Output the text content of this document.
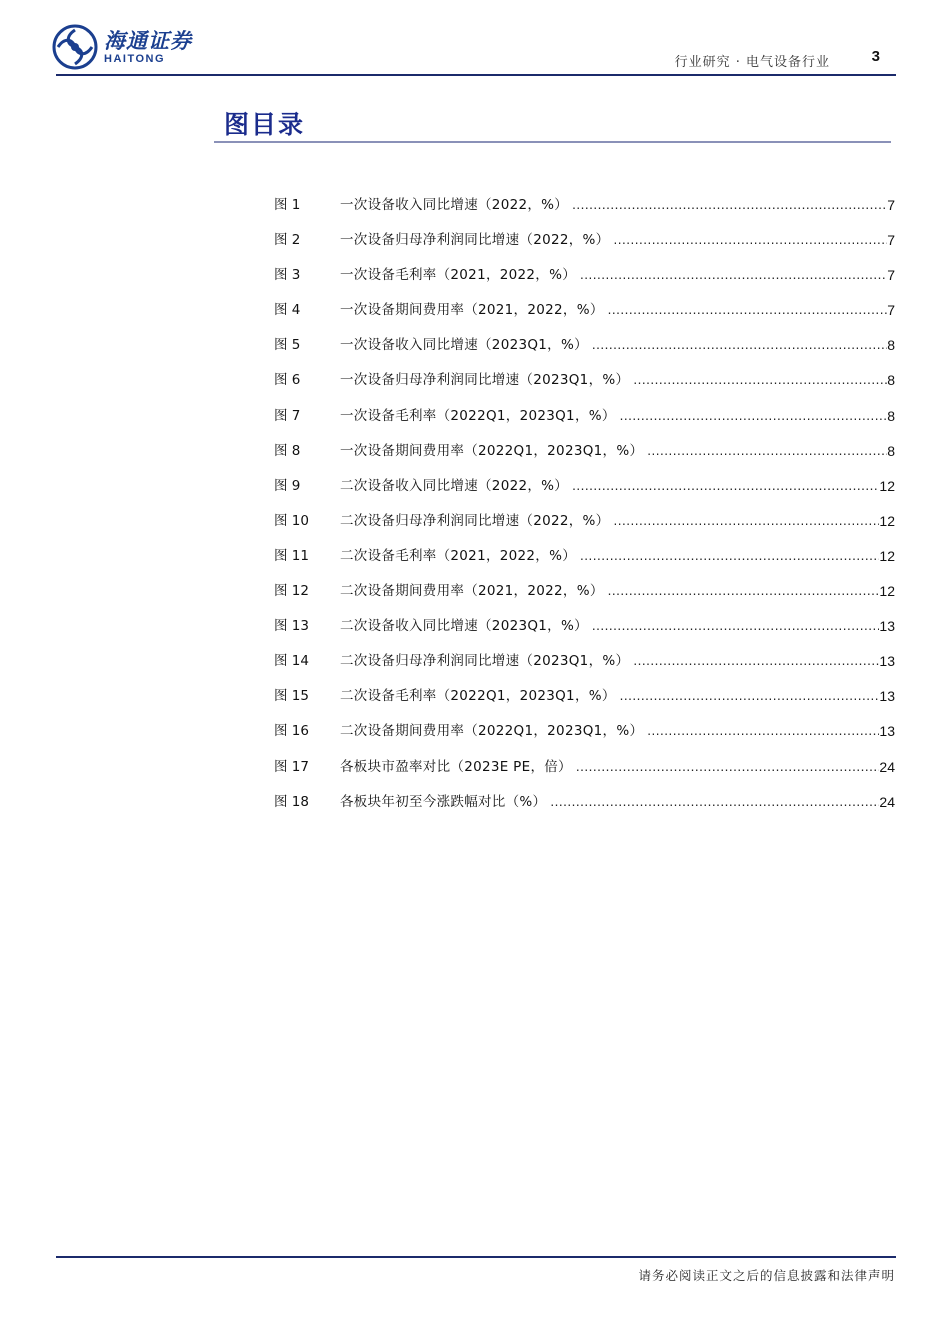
海通证券
HAITONG	行业研究 · 电气设备行业	3
图目录
图 1	一次设备收入同比增速（2022，%） .....	7
图 2	一次设备归母净利润同比增速（2022，%） .....	7
图 3	一次设备毛利率（2021，2022，%） .....	7
图 4	一次设备期间费用率（2021，2022，%） .....	7
图 5	一次设备收入同比增速（2023Q1，%） .....	8
图 6	一次设备归母净利润同比增速（2023Q1，%） .....	8
图 7	一次设备毛利率（2022Q1，2023Q1，%） .....	8
图 8	一次设备期间费用率（2022Q1，2023Q1，%） .....	8
图 9	二次设备收入同比增速（2022，%） .....	12
图 10	二次设备归母净利润同比增速（2022，%） .....	12
图 11	二次设备毛利率（2021，2022，%） .....	12
图 12	二次设备期间费用率（2021，2022，%） .....	12
图 13	二次设备收入同比增速（2023Q1，%） .....	13
图 14	二次设备归母净利润同比增速（2023Q1，%） .....	13
图 15	二次设备毛利率（2022Q1，2023Q1，%） .....	13
图 16	二次设备期间费用率（2022Q1，2023Q1，%） .....	13
图 17	各板块市盈率对比（2023E PE，倍） .....	24
图 18	各板块年初至今涨跌幅对比（%） .....	24
请务必阅读正文之后的信息披露和法律声明
